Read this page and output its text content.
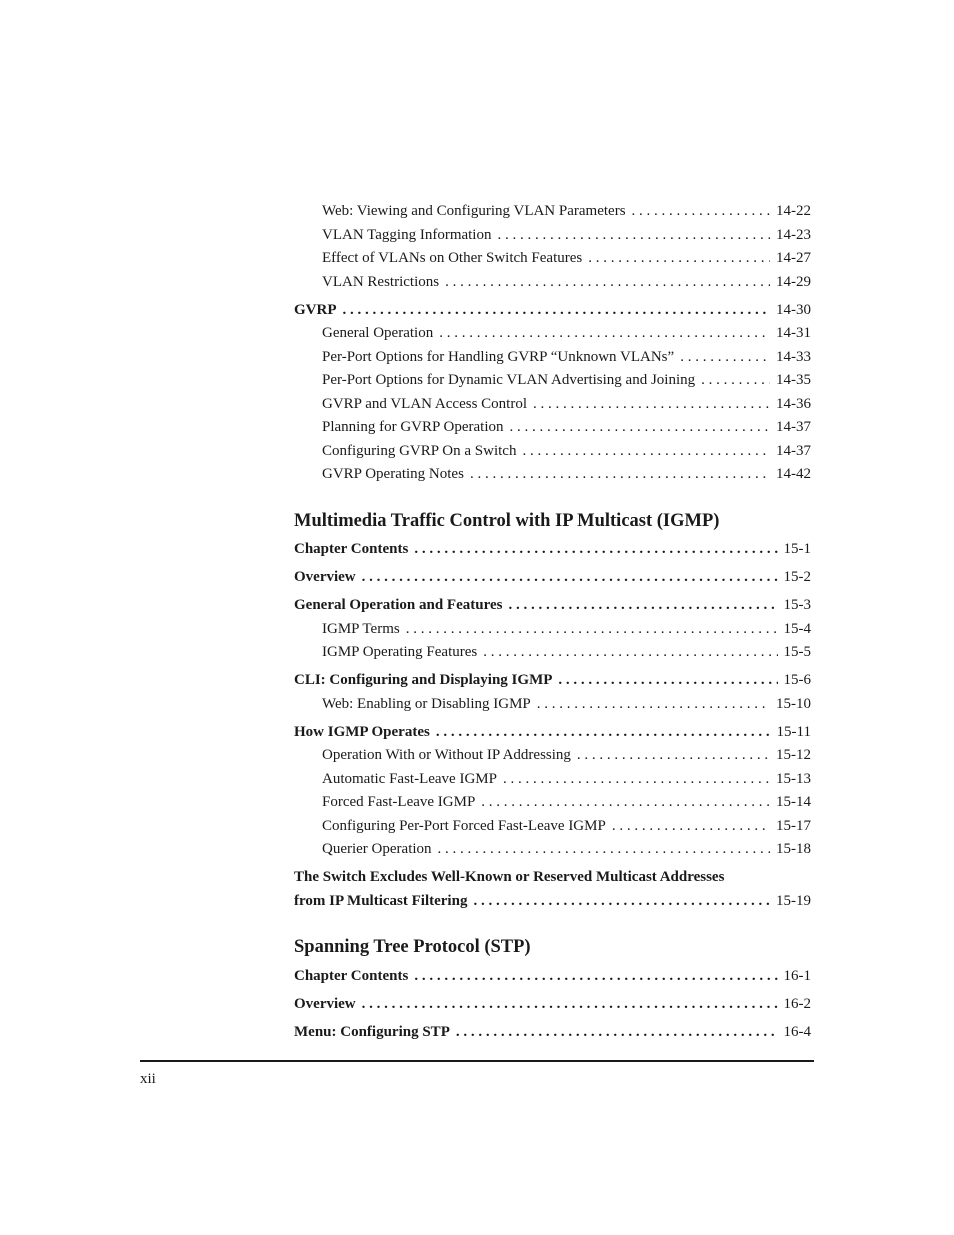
Web: Viewing and Configuring VLAN Parameters . . .	14-22
VLAN Tagging Information . . .	14-23
Effect of VLANs on Other Switch Features . . .	14-27
VLAN Restrictions . . .	14-29
GVRP . . .	14-30
General Operation . . .	14-31
Per-Port Options for Handling GVRP “Unknown VLANs” . . .	14-33
Per-Port Options for Dynamic VLAN Advertising and Joining . . .	14-35
GVRP and VLAN Access Control . . .	14-36
Planning for GVRP Operation . . .	14-37
Configuring GVRP On a Switch . . .	14-37
GVRP Operating Notes . . .	14-42
Multimedia Traffic Control with IP Multicast (IGMP)
Chapter Contents . . .	15-1
Overview . . .	15-2
General Operation and Features . . .	15-3
IGMP Terms . . .	15-4
IGMP Operating Features . . .	15-5
CLI: Configuring and Displaying IGMP . . .	15-6
Web: Enabling or Disabling IGMP . . .	15-10
How IGMP Operates . . .	15-11
Operation With or Without IP Addressing . . .	15-12
Automatic Fast-Leave IGMP . . .	15-13
Forced Fast-Leave IGMP . . .	15-14
Configuring Per-Port Forced Fast-Leave IGMP . . .	15-17
Querier Operation . . .	15-18
The Switch Excludes Well-Known or Reserved Multicast Addresses
from IP Multicast Filtering . . .	15-19
Spanning Tree Protocol (STP)
Chapter Contents . . .	16-1
Overview . . .	16-2
Menu: Configuring STP . . .	16-4
xii
